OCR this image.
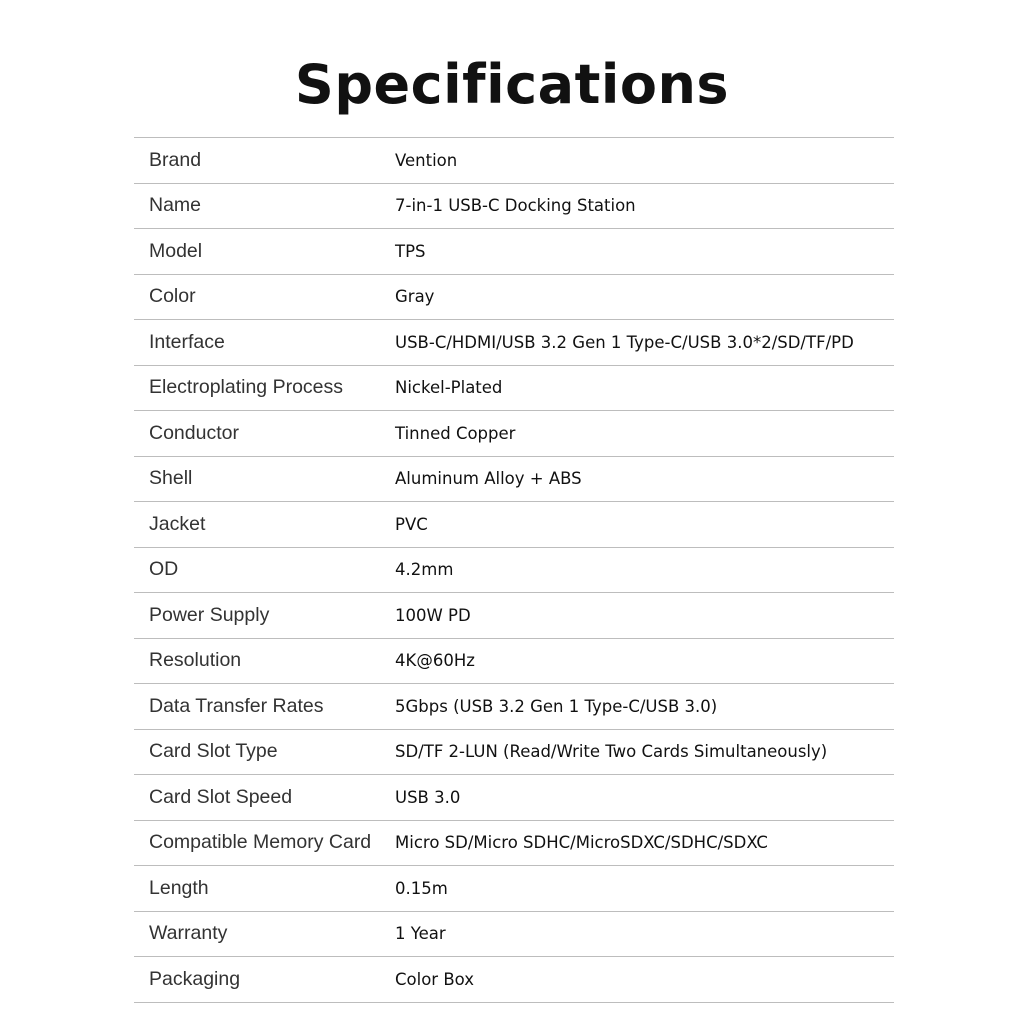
Specifications
Brand	Vention
Name	7-in-1 USB-C Docking Station
Model	TPS
Color	Gray
Interface	USB-C/HDMI/USB 3.2 Gen 1 Type-C/USB 3.0*2/SD/TF/PD
Electroplating Process	Nickel-Plated
Conductor	Tinned Copper
Shell	Aluminum Alloy + ABS
Jacket	PVC
OD	4.2mm
Power Supply	100W PD
Resolution	4K@60Hz
Data Transfer Rates	5Gbps (USB 3.2 Gen 1 Type-C/USB 3.0)
Card Slot Type	SD/TF 2-LUN (Read/Write Two Cards Simultaneously)
Card Slot Speed	USB 3.0
Compatible Memory Card	Micro SD/Micro SDHC/MicroSDXC/SDHC/SDXC
Length	0.15m
Warranty	1 Year
Packaging	Color Box
